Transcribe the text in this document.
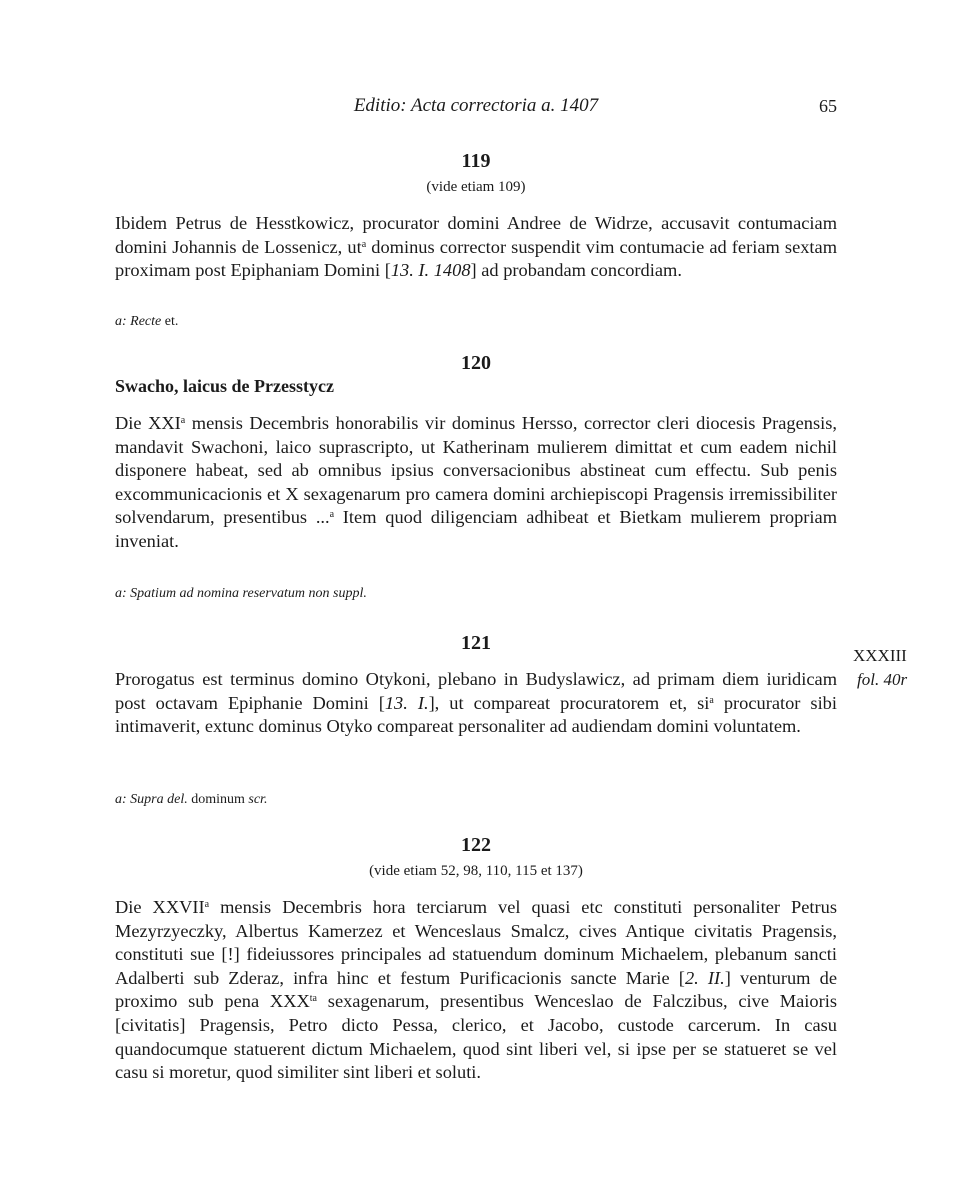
Editio: Acta correctoria a. 1407	65
119
(vide etiam 109)
Ibidem Petrus de Hesstkowicz, procurator domini Andree de Widrze, accusavit contumaciam domini Johannis de Lossenicz, $ut^a$ dominus corrector suspendit vim contumacie ad feriam sextam proximam post Epiphaniam Domini [13. I. 1408] ad probandam concordiam.
a: Recte et.
120
Swacho, laicus de Przesstycz
Die XXI$^a$ mensis Decembris honorabilis vir dominus Hersso, corrector cleri diocesis Pragensis, mandavit Swachoni, laico suprascripto, ut Katherinam mulierem dimittat et cum eadem nichil disponere habeat, sed ab omnibus ipsius conversacionibus abstineat cum effectu. Sub penis excommunicacionis et X sexagenarum pro camera domini archiepiscopi Pragensis irremissibiliter solvendarum, presentibus ...$^a$ Item quod diligenciam adhibeat et Bietkam mulierem propriam inveniat.
a: Spatium ad nomina reservatum non suppl.
121
XXXIII
fol. 40r
Prorogatus est terminus domino Otykoni, plebano in Budyslawicz, ad primam diem iuridicam post octavam Epiphanie Domini [13. I.], ut compareat procuratorem et, $si^a$ procurator sibi intimaverit, extunc dominus Otyko compareat personaliter ad audiendam domini voluntatem.
a: Supra del. dominum scr.
122
(vide etiam 52, 98, 110, 115 et 137)
Die XXVII$^a$ mensis Decembris hora terciarum vel quasi etc constituti personaliter Petrus Mezyrzyeczky, Albertus Kamerzez et Wenceslaus Smalcz, cives Antique civitatis Pragensis, constituti sue [!] fideiussores principales ad statuendum dominum Michaelem, plebanum sancti Adalberti sub Zderaz, infra hinc et festum Purificacionis sancte Marie [2. II.] venturum de proximo sub pena $XXX^{ta}$ sexagenarum, presentibus Wenceslao de Falczibus, cive Maioris [civitatis] Pragensis, Petro dicto Pessa, clerico, et Jacobo, custode carcerum. In casu quandocumque statuerent dictum Michaelem, quod sint liberi vel, si ipse per se statueret se vel casu si moretur, quod similiter sint liberi et soluti.
